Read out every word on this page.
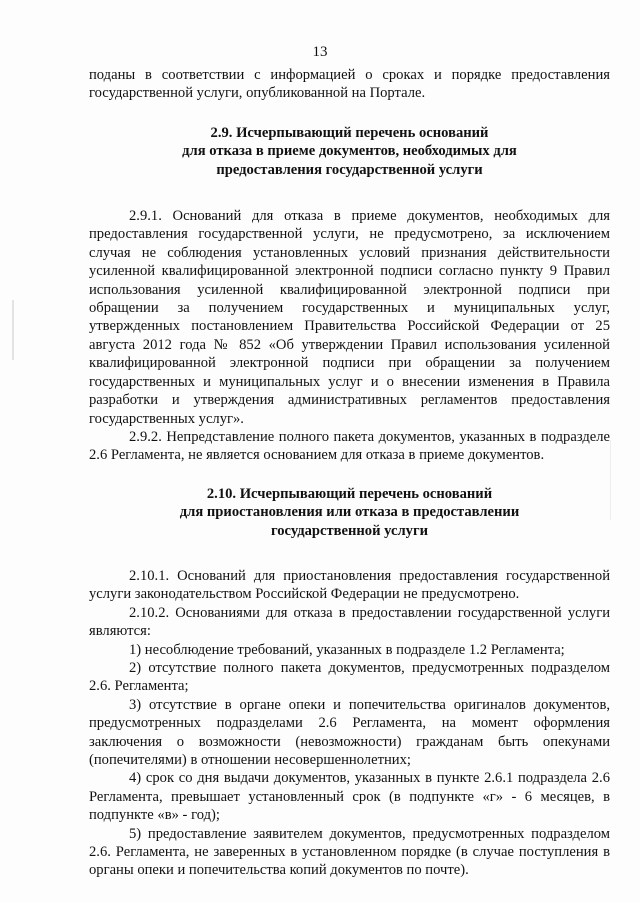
13

поданы в соответствии с информацией о сроках и порядке предоставления государственной услуги, опубликованной на Портале.

2.9. Исчерпывающий перечень оснований

для отказа в приеме документов, необходимых для

предоставления государственной услуги

2.9.1. Оснований для отказа в приеме документов, необходимых для предоставления государственной услуги, не предусмотрено, за исключением случая не соблюдения установленных условий признания действительности усиленной квалифицированной электронной подписи согласно пункту 9 Правил использования усиленной квалифицированной электронной подписи при обращении за получением государственных и муниципальных услуг, утвержденных постановлением Правительства Российской Федерации от 25 августа 2012 года № 852 «Об утверждении Правил использования усиленной квалифицированной электронной подписи при обращении за получением государственных и муниципальных услуг и о внесении изменения в Правила разработки и утверждения административных регламентов предоставления государственных услуг».

2.9.2. Непредставление полного пакета документов, указанных в подразделе 2.6 Регламента, не является основанием для отказа в приеме документов.

2.10. Исчерпывающий перечень оснований

для приостановления или отказа в предоставлении

государственной услуги

2.10.1. Оснований для приостановления предоставления государственной услуги законодательством Российской Федерации не предусмотрено.

2.10.2. Основаниями для отказа в предоставлении государственной услуги являются:

1) несоблюдение требований, указанных в подразделе 1.2 Регламента;

2) отсутствие полного пакета документов, предусмотренных подразделом 2.6. Регламента;

3) отсутствие в органе опеки и попечительства оригиналов документов, предусмотренных подразделами 2.6 Регламента, на момент оформления заключения о возможности (невозможности) гражданам быть опекунами (попечителями) в отношении несовершеннолетних;

4) срок со дня выдачи документов, указанных в пункте 2.6.1 подраздела 2.6 Регламента, превышает установленный срок (в подпункте «г» - 6 месяцев, в подпункте «в» - год);

5) предоставление заявителем документов, предусмотренных подразделом 2.6. Регламента, не заверенных в установленном порядке (в случае поступления в органы опеки и попечительства копий документов по почте).
